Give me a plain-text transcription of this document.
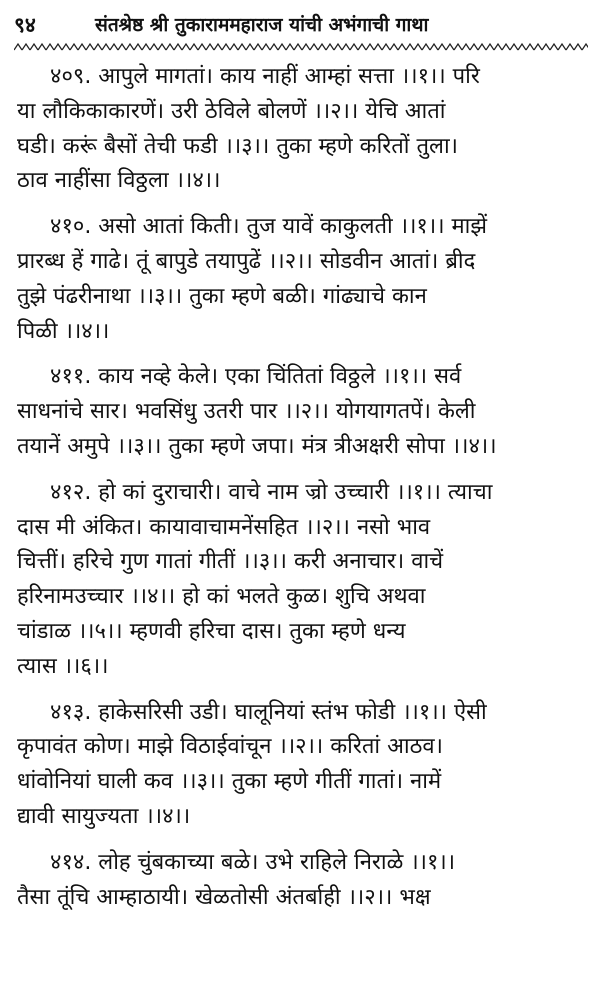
९४	संतश्रेष्ठ श्री तुकाराममहाराज यांची अभंगाची गाथा
४०९. आपुले मागतां। काय नाहीं आम्हां सत्ता ।।१।। परि
या लौकिकाकारणें। उरी ठेविले बोलणें ।।२।। येचि आतां
घडी। करूं बैसों तेची फडी ।।३।। तुका म्हणे करितों तुला।
ठाव नाहींसा विठ्ठला ।।४।।
४१०. असो आतां किती। तुज यावें काकुलती ।।१।। माझें
प्रारब्ध हें गाढे। तूं बापुडे तयापुढें ।।२।। सोडवीन आतां। ब्रीद
तुझे पंढरीनाथा ।।३।। तुका म्हणे बळी। गांढ्याचे कान
पिळी ।।४।।
४११. काय नव्हे केले। एका चिंतितां विठ्ठले ।।१।। सर्व
साधनांचे सार। भवसिंधु उतरी पार ।।२।। योगयागतपें। केली
तयानें अमुपे ।।३।। तुका म्हणे जपा। मंत्र त्रीअक्षरी सोपा ।।४।।
४१२. हो कां दुराचारी। वाचे नाम ज्रो उच्चारी ।।१।। त्याचा
दास मी अंकित। कायावाचामनेंसहित ।।२।। नसो भाव
चित्तीं। हरिचे गुण गातां गीतीं ।।३।। करी अनाचार। वाचें
हरिनामउच्चार ।।४।। हो कां भलते कुळ। शुचि अथवा
चांडाळ ।।५।। म्हणवी हरिचा दास। तुका म्हणे धन्य
त्यास ।।६।।
४१३. हाकेसरिसी उडी। घालूनियां स्तंभ फोडी ।।१।। ऐसी
कृपावंत कोण। माझे विठाईवांचून ।।२।। करितां आठव।
धांवोनियां घाली कव ।।३।। तुका म्हणे गीतीं गातां। नामें
द्यावी सायुज्यता ।।४।।
४१४. लोह चुंबकाच्या बळे। उभे राहिले निराळे ।।१।।
तैसा तूंचि आम्हाठायी। खेळतोसी अंतर्बाही ।।२।। भक्ष
